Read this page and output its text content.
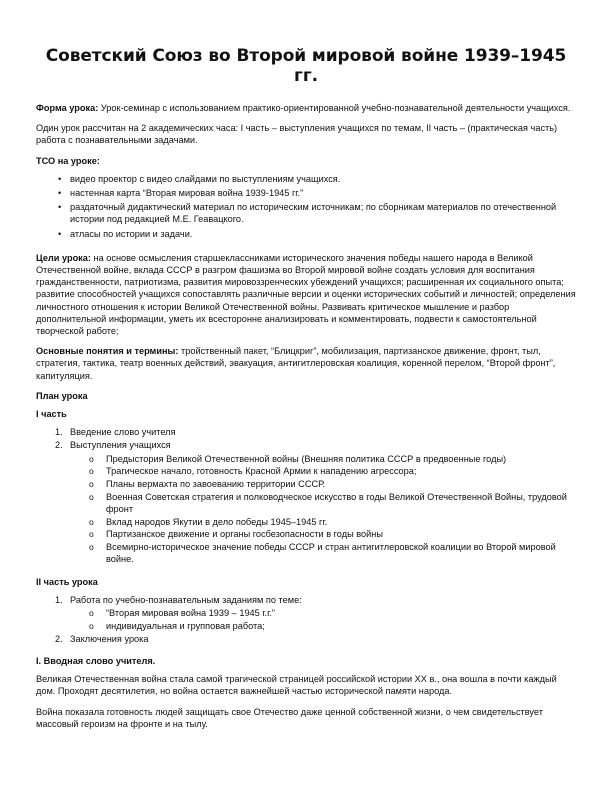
Советский Союз во Второй мировой войне 1939–1945 гг.

Форма урока: Урок-семинар с использованием практико-ориентированной учебно-познавательной деятельности учащихся.

Один урок рассчитан на 2 академических часа: I часть – выступления учащихся по темам, II часть – (практическая часть) работа с познавательными задачами.

ТСО на уроке:
• видео проектор с видео слайдами по выступлениям учащихся.
• настенная карта “Вторая мировая война 1939-1945 гг.”
• раздаточный дидактический материал по историческим источникам; по сборникам материалов по отечественной истории под редакцией М.Е. Геавацкого.
• атласы по истории и задачи.

Цели урока: на основе осмысления старшеклассниками исторического значения победы нашего народа в Великой Отечественной войне, вклада СССР в разгром фашизма во Второй мировой войне создать условия для воспитания гражданственности, патриотизма, развития мировоззренческих убеждений учащихся; расширенная их социального опыта; развитие способностей учащихся сопоставлять различные версии и оценки исторических событий и личностей; определения личностного отношения к истории Великой Отечественной войны. Развивать критическое мышление и разбор дополнительной информации, уметь их всесторонне анализировать и комментировать, подвести к самостоятельной творческой работе;

Основные понятия и термины: тройственный пакет, “Блицкриг”, мобилизация, партизанское движение, фронт, тыл, стратегия, тактика, театр военных действий, эвакуация, антигитлеровская коалиция, коренной перелом, “Второй фронт”, капитуляция.

План урока
I часть
1. Введение слово учителя
2. Выступления учащихся
o Предыстория Великой Отечественной войны (Внешняя политика СССР в предвоенные годы)
o Трагическое начало, готовность Красной Армии к нападению агрессора;
o Планы вермахта по завоеванию территории СССР.
o Военная Советская стратегия и полководческое искусство в годы Великой Отечественной Войны, трудовой фронт
o Вклад народов Якутии в дело победы 1945–1945 гг.
o Партизанское движение и органы госбезопасности в годы войны
o Всемирно-историческое значение победы СССР и стран антигитлеровской коалиции во Второй мировой войне.
II часть урока
1. Работа по учебно-познавательным заданиям по теме:
o “Вторая мировая война 1939 – 1945 г.г.”
o индивидуальная и групповая работа;
2. Заключения урока
I. Вводная слово учителя.

Великая Отечественная война стала самой трагической страницей российской истории XX в., она вошла в почти каждый дом. Проходят десятилетия, но война остается важнейшей частью исторической памяти народа.

Война показала готовность людей защищать свое Отечество даже ценной собственной жизни, о чем свидетельствует массовый героизм на фронте и на тылу.
